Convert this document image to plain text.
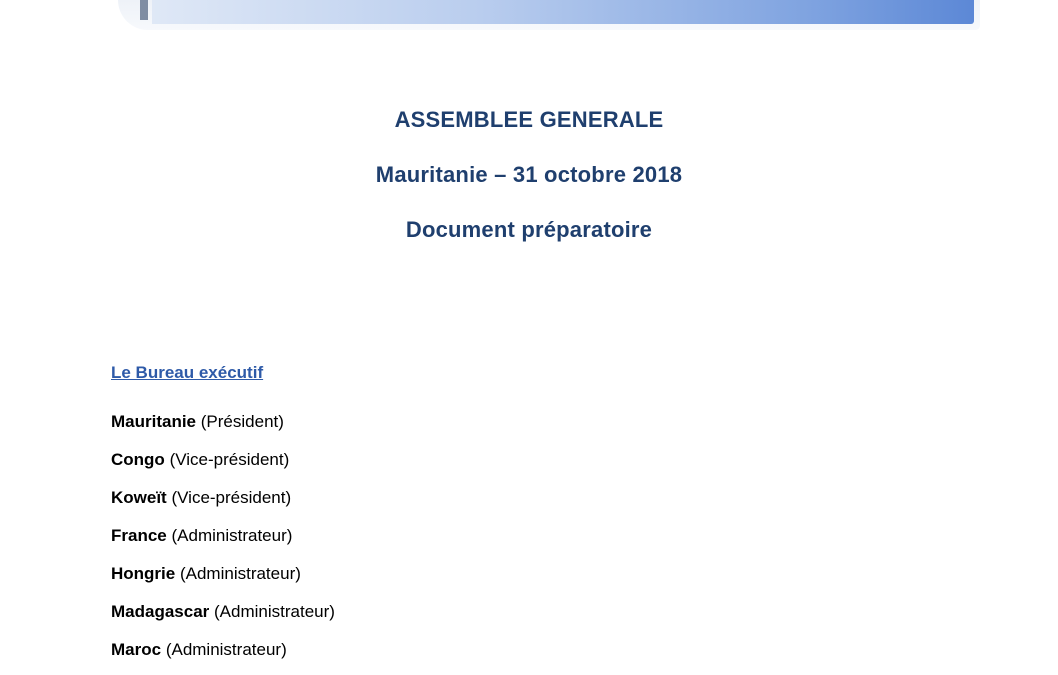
ASSEMBLEE GENERALE
Mauritanie – 31 octobre 2018
Document préparatoire
Le Bureau exécutif
Mauritanie (Président)
Congo (Vice-président)
Koweït (Vice-président)
France (Administrateur)
Hongrie (Administrateur)
Madagascar (Administrateur)
Maroc (Administrateur)
